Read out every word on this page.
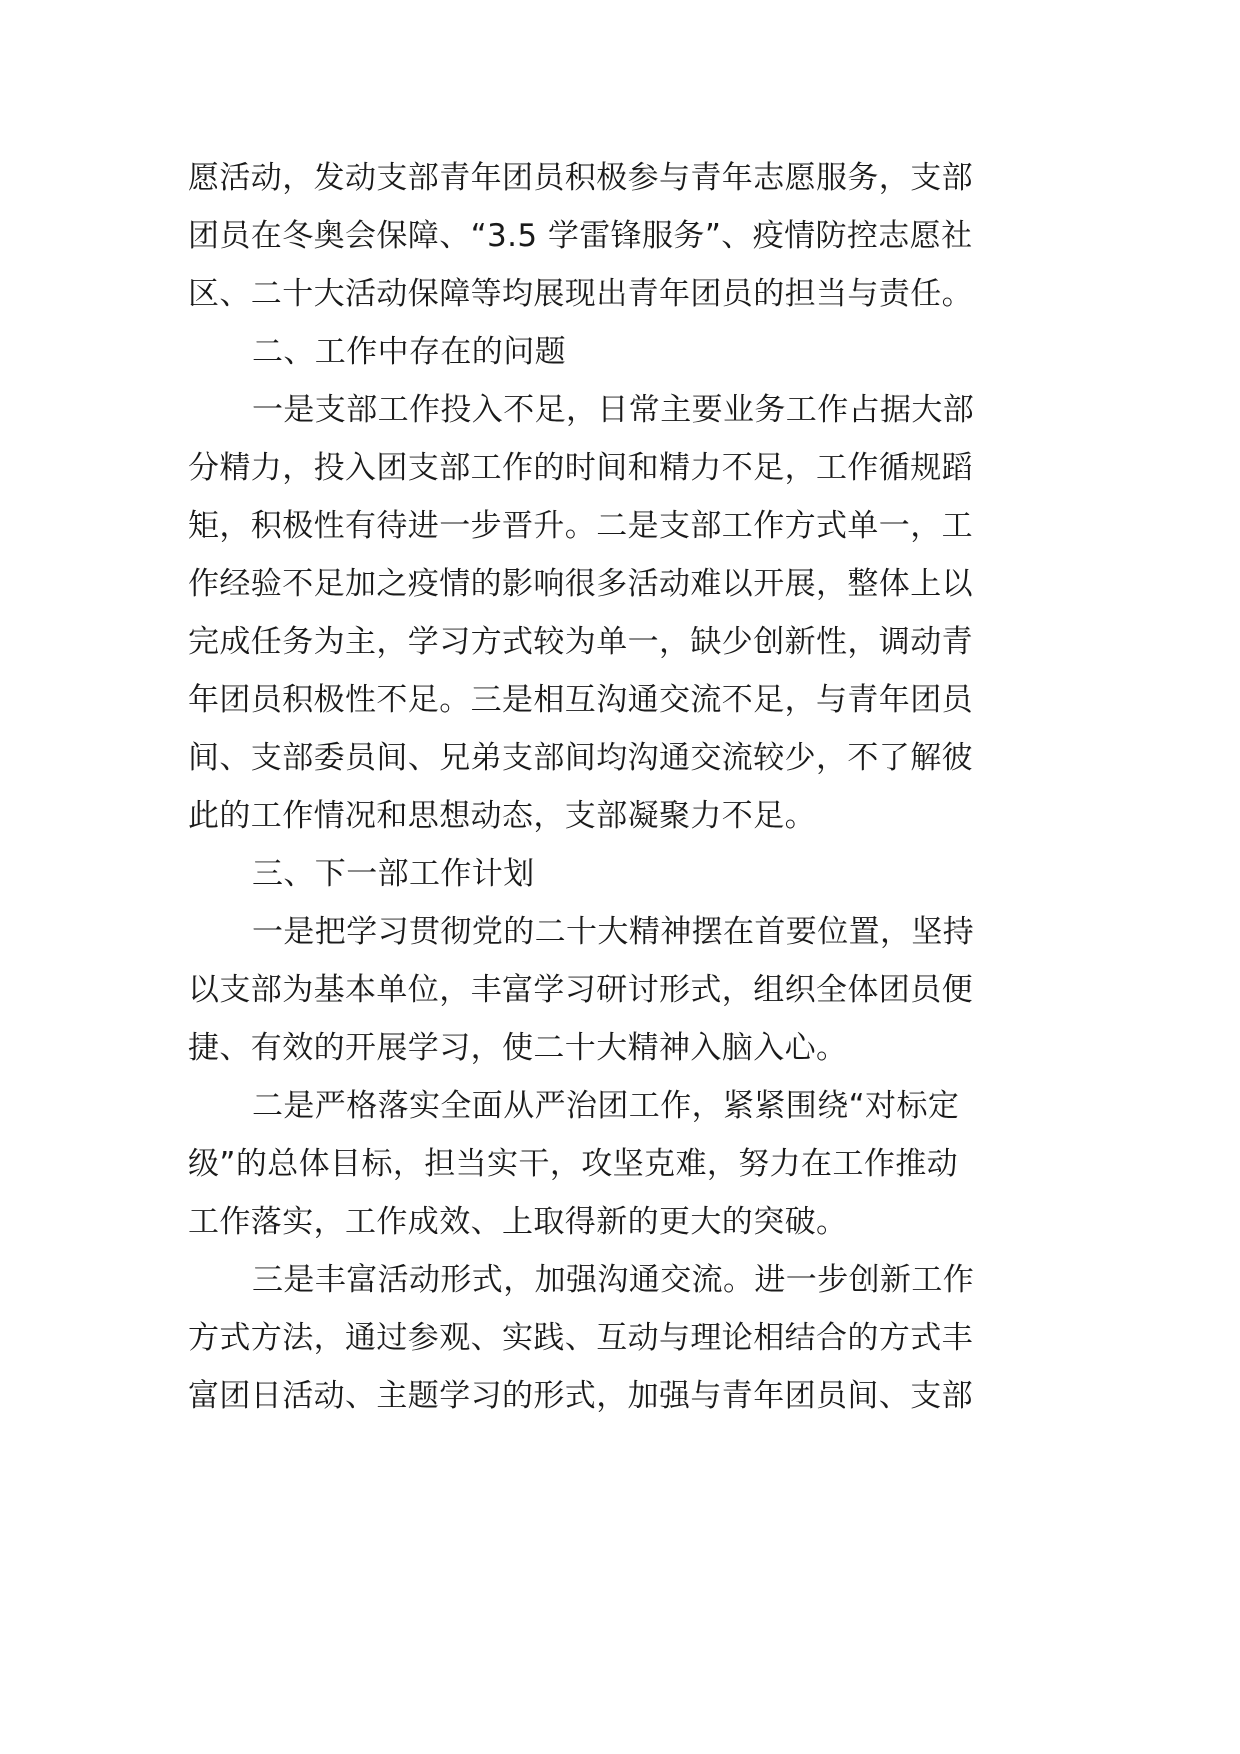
愿活动，发动支部青年团员积极参与青年志愿服务，支部
团员在冬奥会保障、“3.5 学雷锋服务”、疫情防控志愿社
区、二十大活动保障等均展现出青年团员的担当与责任。
二、工作中存在的问题
一是支部工作投入不足，日常主要业务工作占据大部
分精力，投入团支部工作的时间和精力不足，工作循规蹈
矩，积极性有待进一步晋升。二是支部工作方式单一，工
作经验不足加之疫情的影响很多活动难以开展，整体上以
完成任务为主，学习方式较为单一，缺少创新性，调动青
年团员积极性不足。三是相互沟通交流不足，与青年团员
间、支部委员间、兄弟支部间均沟通交流较少，不了解彼
此的工作情况和思想动态，支部凝聚力不足。
三、下一部工作计划
一是把学习贯彻党的二十大精神摆在首要位置，坚持
以支部为基本单位，丰富学习研讨形式，组织全体团员便
捷、有效的开展学习，使二十大精神入脑入心。
二是严格落实全面从严治团工作，紧紧围绕“对标定
级”的总体目标，担当实干，攻坚克难，努力在工作推动
工作落实，工作成效、上取得新的更大的突破。
三是丰富活动形式，加强沟通交流。进一步创新工作
方式方法，通过参观、实践、互动与理论相结合的方式丰
富团日活动、主题学习的形式，加强与青年团员间、支部
